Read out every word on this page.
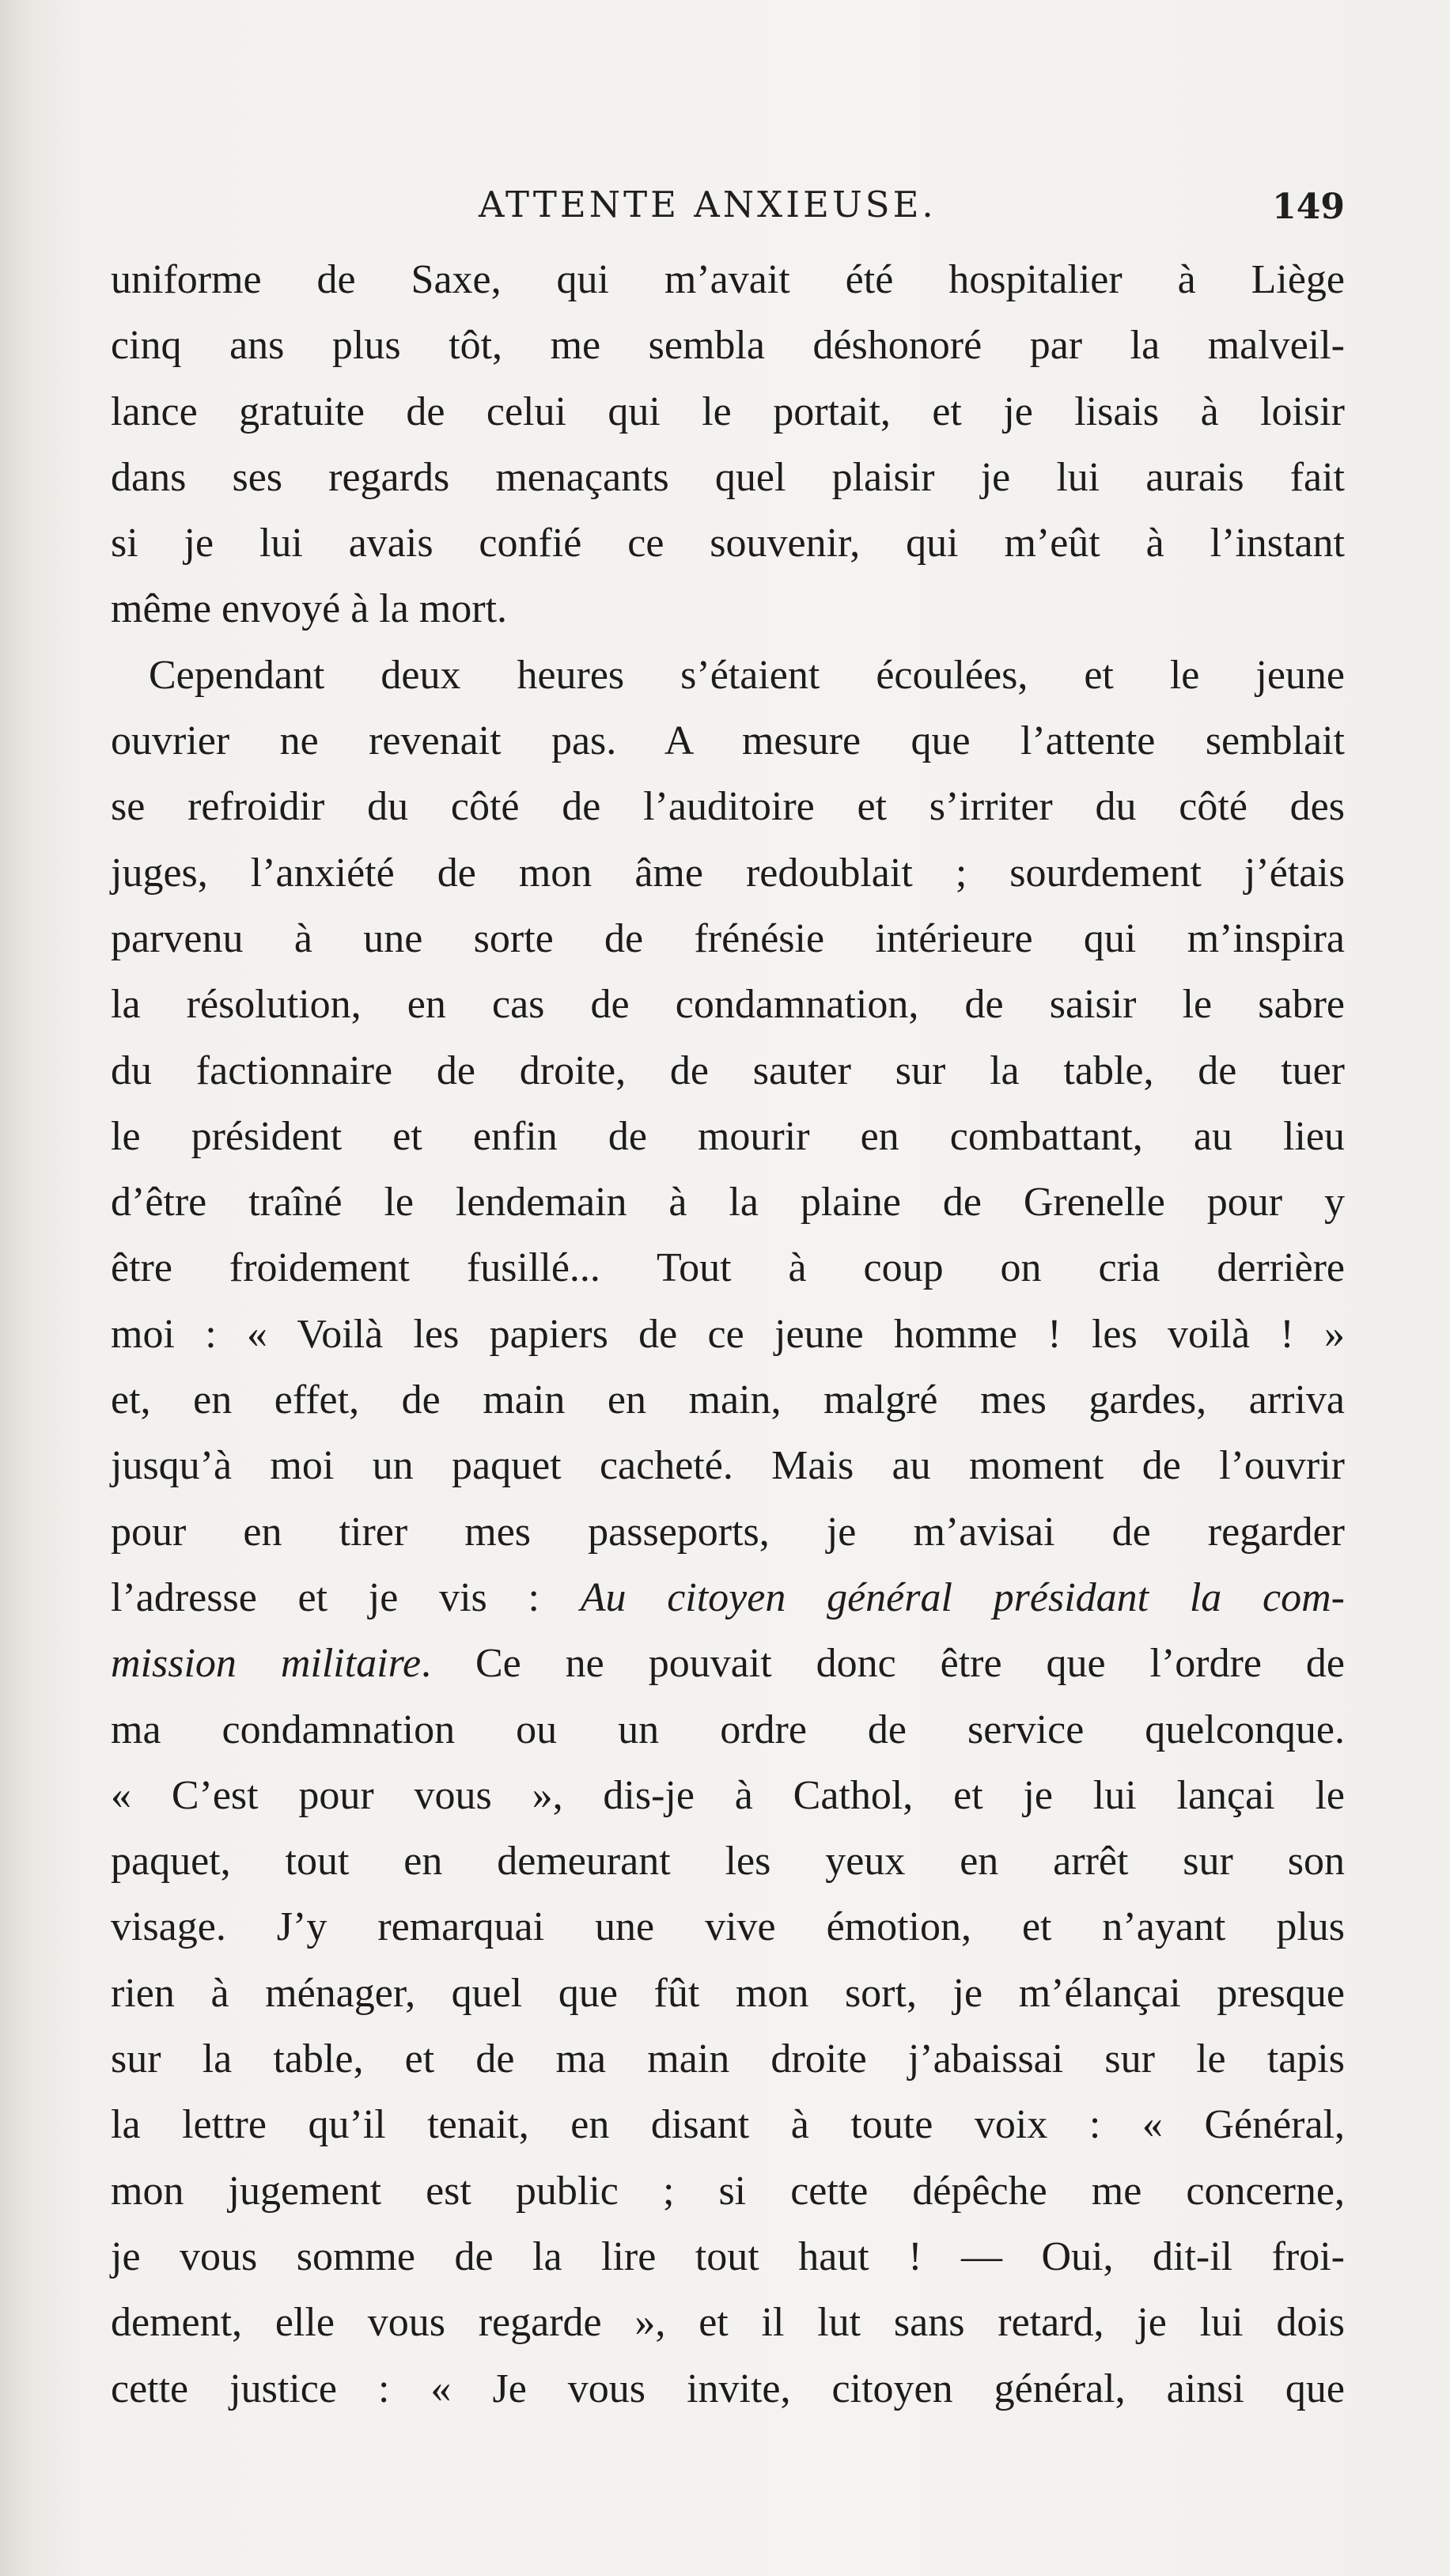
ATTENTE ANXIEUSE.	149
uniforme de Saxe, qui m’avait été hospitalier à Liège
cinq ans plus tôt, me sembla déshonoré par la malveil-
lance gratuite de celui qui le portait, et je lisais à loisir
dans ses regards menaçants quel plaisir je lui aurais fait
si je lui avais confié ce souvenir, qui m’eût à l’instant
même envoyé à la mort.
Cependant deux heures s’étaient écoulées, et le jeune
ouvrier ne revenait pas. A mesure que l’attente semblait
se refroidir du côté de l’auditoire et s’irriter du côté des
juges, l’anxiété de mon âme redoublait ; sourdement j’étais
parvenu à une sorte de frénésie intérieure qui m’inspira
la résolution, en cas de condamnation, de saisir le sabre
du factionnaire de droite, de sauter sur la table, de tuer
le président et enfin de mourir en combattant, au lieu
d’être traîné le lendemain à la plaine de Grenelle pour y
être froidement fusillé... Tout à coup on cria derrière
moi : « Voilà les papiers de ce jeune homme ! les voilà ! »
et, en effet, de main en main, malgré mes gardes, arriva
jusqu’à moi un paquet cacheté. Mais au moment de l’ouvrir
pour en tirer mes passeports, je m’avisai de regarder
l’adresse et je vis : Au citoyen général présidant la com-
mission militaire. Ce ne pouvait donc être que l’ordre de
ma condamnation ou un ordre de service quelconque.
« C’est pour vous », dis-je à Cathol, et je lui lançai le
paquet, tout en demeurant les yeux en arrêt sur son
visage. J’y remarquai une vive émotion, et n’ayant plus
rien à ménager, quel que fût mon sort, je m’élançai presque
sur la table, et de ma main droite j’abaissai sur le tapis
la lettre qu’il tenait, en disant à toute voix : « Général,
mon jugement est public ; si cette dépêche me concerne,
je vous somme de la lire tout haut ! — Oui, dit-il froi-
dement, elle vous regarde », et il lut sans retard, je lui dois
cette justice : « Je vous invite, citoyen général, ainsi que
